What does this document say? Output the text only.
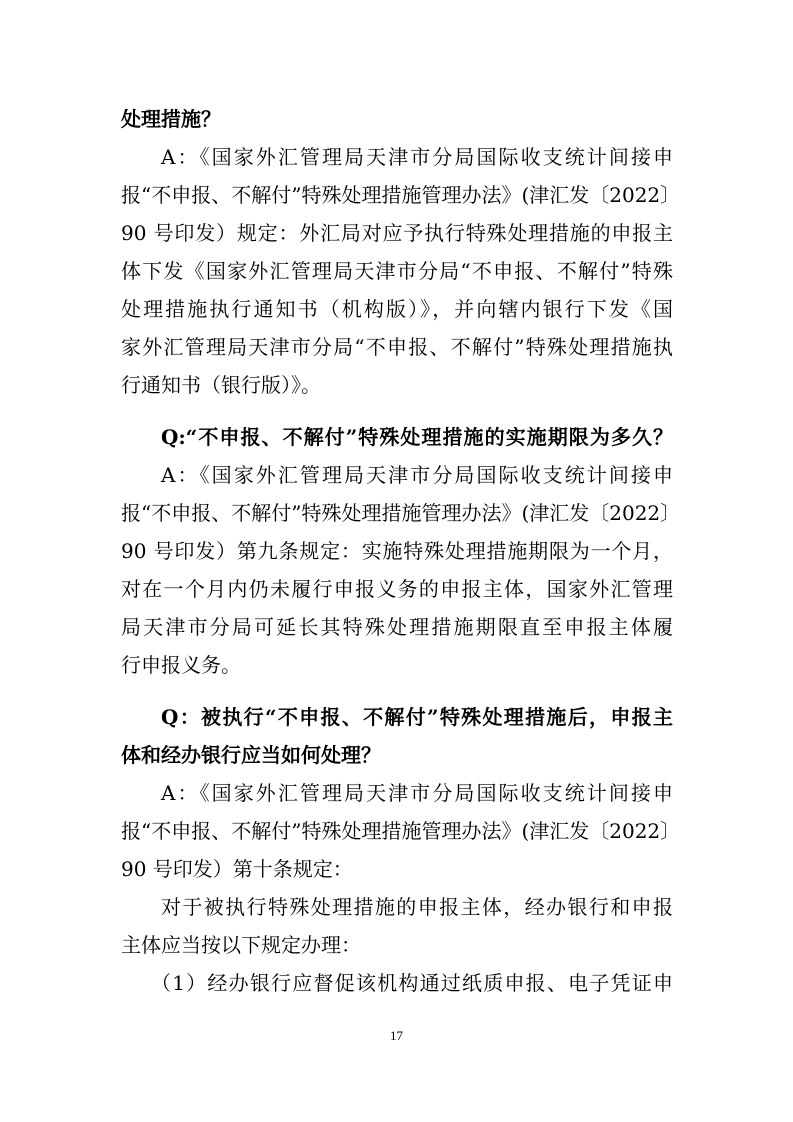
处理措施？
A：《国家外汇管理局天津市分局国际收支统计间接申
报“不申报、不解付”特殊处理措施管理办法》(津汇发〔2022〕
90 号印发）规定：外汇局对应予执行特殊处理措施的申报主
体下发《国家外汇管理局天津市分局“不申报、不解付”特殊
处理措施执行通知书（机构版）》，并向辖内银行下发《国
家外汇管理局天津市分局“不申报、不解付”特殊处理措施执
行通知书（银行版）》。
Q:“不申报、不解付”特殊处理措施的实施期限为多久？
A：《国家外汇管理局天津市分局国际收支统计间接申
报“不申报、不解付”特殊处理措施管理办法》(津汇发〔2022〕
90 号印发）第九条规定：实施特殊处理措施期限为一个月，
对在一个月内仍未履行申报义务的申报主体，国家外汇管理
局天津市分局可延长其特殊处理措施期限直至申报主体履
行申报义务。
Q：被执行“不申报、不解付”特殊处理措施后，申报主
体和经办银行应当如何处理？
A：《国家外汇管理局天津市分局国际收支统计间接申
报“不申报、不解付”特殊处理措施管理办法》(津汇发〔2022〕
90 号印发）第十条规定：
对于被执行特殊处理措施的申报主体，经办银行和申报
主体应当按以下规定办理：
（1）经办银行应督促该机构通过纸质申报、电子凭证申
17
